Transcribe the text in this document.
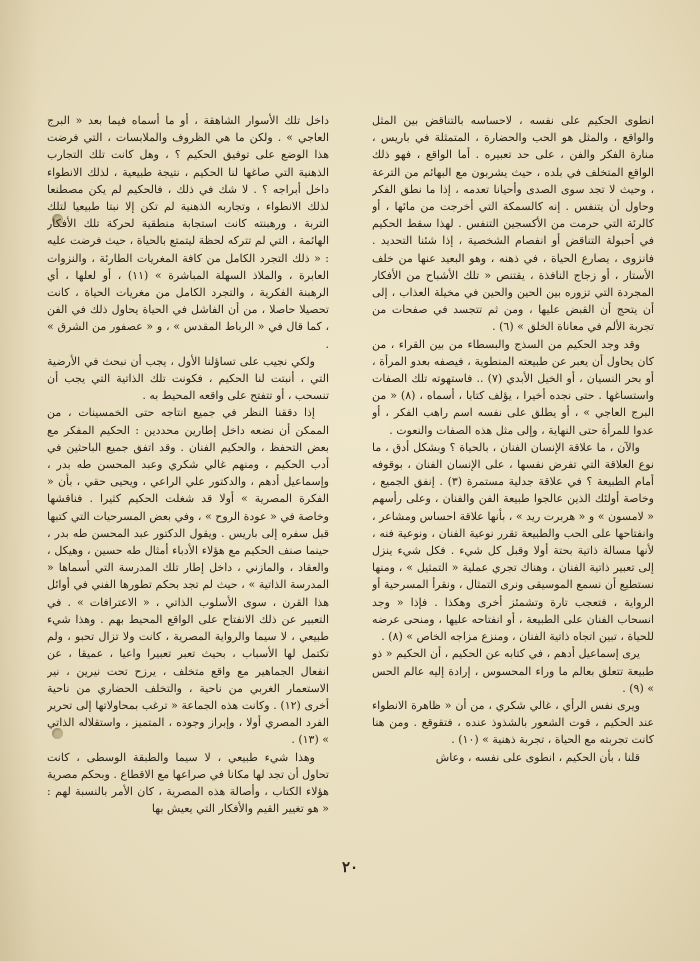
انطوى الحكيم على نفسه ، لاحساسه بالتناقض بين المثل والواقع ، والمثل هو الحب والحضارة ، المتمثلة في باريس ، منارة الفكر والفن ، على حد تعبيره . أما الواقع ، فهو ذلك الواقع المتخلف في بلده ، حيث يشربون مع البهائم من الترعة ، وحيث لا تجد سوى الصدى وأحيانا تعدمه ، إذا ما نطق الفكر وحاول أن يتنفس . إنه كالسمكة التي أخرجت من مائها ، أو كالرئة التي حرمت من الأكسجين التنفس . لهذا سقط الحكيم في أحبولة التناقض أو انفصام الشخصية ، إذا شئنا التحديد . فانزوى ، يصارع الحياة ، في ذهنه ، وهو البعيد عنها من خلف الأستار ، أو زجاج النافذة ، يقتنص « تلك الأشباح من الأفكار المجردة التي تزوره بين الحين والحين في مخيلة العذاب ، إلى أن يتحج أن القبض عليها ، ومن ثم تتجسد في صفحات من تجربة الألم في معاناة الخلق » (٦) .

وقد وجد الحكيم من السذج والبسطاء من بين القراء ، من كان يحاول أن يعبر عن طبيعته المنطوية ، فيصفه بعدو المرأة ، أو بحر النسيان ، أو الخيل الأبدي (٧) .. فاستهوته تلك الصفات واستساغها . حتى نجده أخيرا ، يؤلف كتابا ، أسماه ، (٨) « من البرج العاجي » ، أو يطلق على نفسه اسم راهب الفكر ، أو عدوا للمرأة حتى النهاية ، وإلى مثل هذه الصفات والنعوت .

والآن ، ما علاقة الإنسان الفنان ، بالحياة ؟ وبشكل أدق ، ما نوع العلاقة التي تفرض نفسها ، على الإنسان الفنان ، بوقوفه أمام الطبيعة ؟ في علاقة جدلية مستمرة (٣) . إنفق الجميع ، وخاصة أولئك الذين عالجوا طبيعة الفن والفنان ، وعلى رأسهم « لامسون » و « هربرت ريد » ، بأنها علاقة احساس ومشاعر ، وانفتاحها على الحب والطبيعة تقرر نوعية الفنان ، ونوعية فنه ، لأنها مسالة ذاتية بحتة أولا وقبل كل شيء . فكل شيء ينزل إلى تعبير ذاتية الفنان ، وهناك تجري عملية « التمثيل » ، ومنها نستطيع أن نسمع الموسيقى ونرى التمثال ، ونقرأ المسرحية أو الرواية ، فتعجب تارة وتشمئز أخرى وهكذا . فإذا « وجد انسحاب الفنان على الطبيعة ، أو انفتاحه عليها ، ومنحى عرضه للحياة ، تبين اتجاه ذاتية الفنان ، ومنزع مزاجه الخاص » (٨) .

يرى إسماعيل أدهم ، في كتابه عن الحكيم ، أن الحكيم « ذو طبيعة تتعلق بعالم ما وراء المحسوس ، إرادة إليه عالم الحس » (٩) .

ويرى نفس الرأي ، غالي شكري ، من أن « ظاهرة الانطواء عند الحكيم ، قوت الشعور بالشذوذ عنده ، فتقوقع . ومن هنا كانت تجربته مع الحياة ، تجربة ذهنية » (١٠) .

قلنا ، بأن الحكيم ، انطوى على نفسه ، وعاش

داخل تلك الأسوار الشاهقة ، أو ما أسماه فيما بعد « البرج العاجي » . ولكن ما هي الظروف والملابسات ، التي فرضت هذا الوضع على توفيق الحكيم ؟ ، وهل كانت تلك التجارب الذهنية التي صاغها لنا الحكيم ، نتيجة طبيعية ، لذلك الانطواء داخل أبراجه ؟ . لا شك في ذلك ، فالحكيم لم يكن مصطنعا لذلك الانطواء ، وتجاربه الذهنية لم تكن إلا نبتا طبيعيا لتلك التربة ، ورهبنته كانت استجابة منطقية لحركة تلك الأفكار الهائمة ، التي لم تتركه لحظة ليتمتع بالحياة ، حيث فرضت عليه : « ذلك التجرد الكامل من كافة المغريات الطارئة ، والنزوات العابرة ، والملاذ السهلة المباشرة » (١١) ، أو لعلها ، أي الرهبنة الفكرية ، والتجرد الكامل من مغريات الحياة ، كانت تحصيلا حاصلا ، من أن الفاشل في الحياة يحاول ذلك في الفن ، كما قال في « الرباط المقدس » ، و « عصفور من الشرق » .

ولكي نجيب على تساؤلنا الأول ، يجب أن نبحث في الأرضية التي ، أنبتت لنا الحكيم ، فكونت تلك الذاتية التي يجب أن تنسحب ، أو تتفتح على واقعه المحيط به .

إذا دققنا النظر في جميع انتاجه حتى الخمسينات ، من الممكن أن نضعه داخل إطارين محددين : الحكيم المفكر مع بعض التحفظ ، والحكيم الفنان . وقد اتفق جميع الباحثين في أدب الحكيم ، ومنهم غالي شكري وعبد المحسن طه بدر ، وإسماعيل أدهم ، والدكتور علي الراعي ، ويحيى حقي ، بأن « الفكرة المصرية » أولا قد شغلت الحكيم كثيرا . فناقشها وخاصة في « عودة الروح » ، وفي بعض المسرحيات التي كتبها قبل سفره إلى باريس . ويقول الدكتور عبد المحسن طه بدر ، حينما صنف الحكيم مع هؤلاء الأدباء أمثال طه حسين ، وهيكل ، والعقاد ، والمازني ، داخل إطار تلك المدرسة التي أسماها « المدرسة الذاتية » ، حيث لم تجد بحكم تطورها الفني في أوائل هذا القرن ، سوى الأسلوب الذاتي ، « الاعترافات » . في التعبير عن ذلك الانفتاح على الواقع المحيط بهم . وهذا شيء طبيعي ، لا سيما والرواية المصرية ، كانت ولا تزال تحبو ، ولم تكتمل لها الأسباب ، بحيث تعبر تعبيرا واعيا ، عميقا ، عن انفعال الجماهير مع واقع متخلف ، يرزح تحت نيرين ، نير الاستعمار الغربي من ناحية ، والتخلف الحضاري من ناحية أخرى (١٢) . وكانت هذه الجماعة « ترغب بمحاولاتها إلى تحرير الفرد المصري أولا ، وإبراز وجوده ، المتميز ، واستقلاله الذاتي » (١٣) .

وهذا شيء طبيعي ، لا سيما والطبقة الوسطى ، كانت تحاول أن تجد لها مكانا في صراعها مع الاقطاع . وبحكم مصرية هؤلاء الكتاب ، وأصالة هذه المصرية ، كان الأمر بالنسبة لهم : « هو تغيير القيم والأفكار التي يعيش بها

٢٠
